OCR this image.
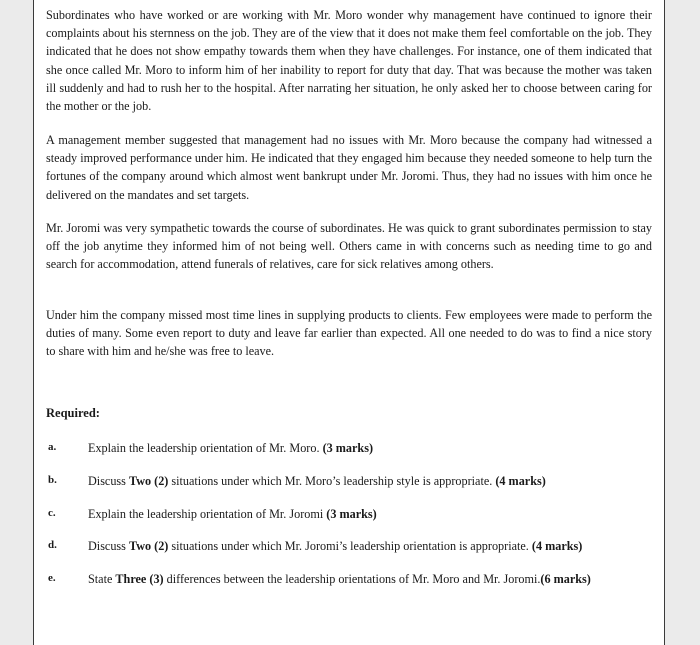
Subordinates who have worked or are working with Mr. Moro wonder why management have continued to ignore their complaints about his sternness on the job. They are of the view that it does not make them feel comfortable on the job. They indicated that he does not show empathy towards them when they have challenges. For instance, one of them indicated that she once called Mr. Moro to inform him of her inability to report for duty that day. That was because the mother was taken ill suddenly and had to rush her to the hospital. After narrating her situation, he only asked her to choose between caring for the mother or the job.

A management member suggested that management had no issues with Mr. Moro because the company had witnessed a steady improved performance under him. He indicated that they engaged him because they needed someone to help turn the fortunes of the company around which almost went bankrupt under Mr. Joromi. Thus, they had no issues with him once he delivered on the mandates and set targets.

Mr. Joromi was very sympathetic towards the course of subordinates. He was quick to grant subordinates permission to stay off the job anytime they informed him of not being well. Others came in with concerns such as needing time to go and search for accommodation, attend funerals of relatives, care for sick relatives among others.

Under him the company missed most time lines in supplying products to clients. Few employees were made to perform the duties of many. Some even report to duty and leave far earlier than expected. All one needed to do was to find a nice story to share with him and he/she was free to leave.

Required:

a.	Explain the leadership orientation of Mr. Moro. (3 marks)
b.	Discuss Two (2) situations under which Mr. Moro’s leadership style is appropriate. (4 marks)
c.	Explain the leadership orientation of Mr. Joromi (3 marks)
d.	Discuss Two (2) situations under which Mr. Joromi’s leadership orientation is appropriate. (4 marks)
e.	State Three (3) differences between the leadership orientations of Mr. Moro and Mr. Joromi.(6 marks)
